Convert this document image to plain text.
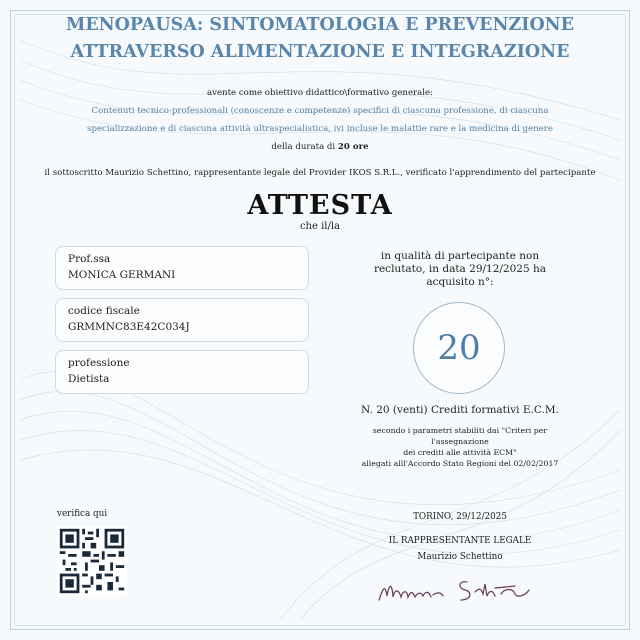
MENOPAUSA: SINTOMATOLOGIA E PREVENZIONE
ATTRAVERSO ALIMENTAZIONE E INTEGRAZIONE
avente come obiettivo didattico\formativo generale:
Contenuti tecnico-professionali (conoscenze e competenze) specifici di ciascuna professione, di ciascuna
specializzazione e di ciascuna attività ultraspecialistica, ivi incluse le malattie rare e la medicina di genere
della durata di 20 ore
il sottoscritto Maurizio Schettino, rappresentante legale del Provider IKOS S.R.L., verificato l'apprendimento del partecipante
ATTESTA
che il/la
Prof.ssa
MONICA GERMANI
codice fiscale
GRMMNC83E42C034J
professione
Dietista
in qualità di partecipante non
reclutato, in data 29/12/2025 ha
acquisito n°:
20
N. 20 (venti) Crediti formativi E.C.M.
secondo i parametri stabiliti dai "Criteri per
l'assegnazione
dei crediti alle attività ECM"
allegati alll'Accordo Stato Regioni del 02/02/2017
verifica qui	TORINO, 29/12/2025
IL RAPPRESENTANTE LEGALE
Maurizio Schettino
